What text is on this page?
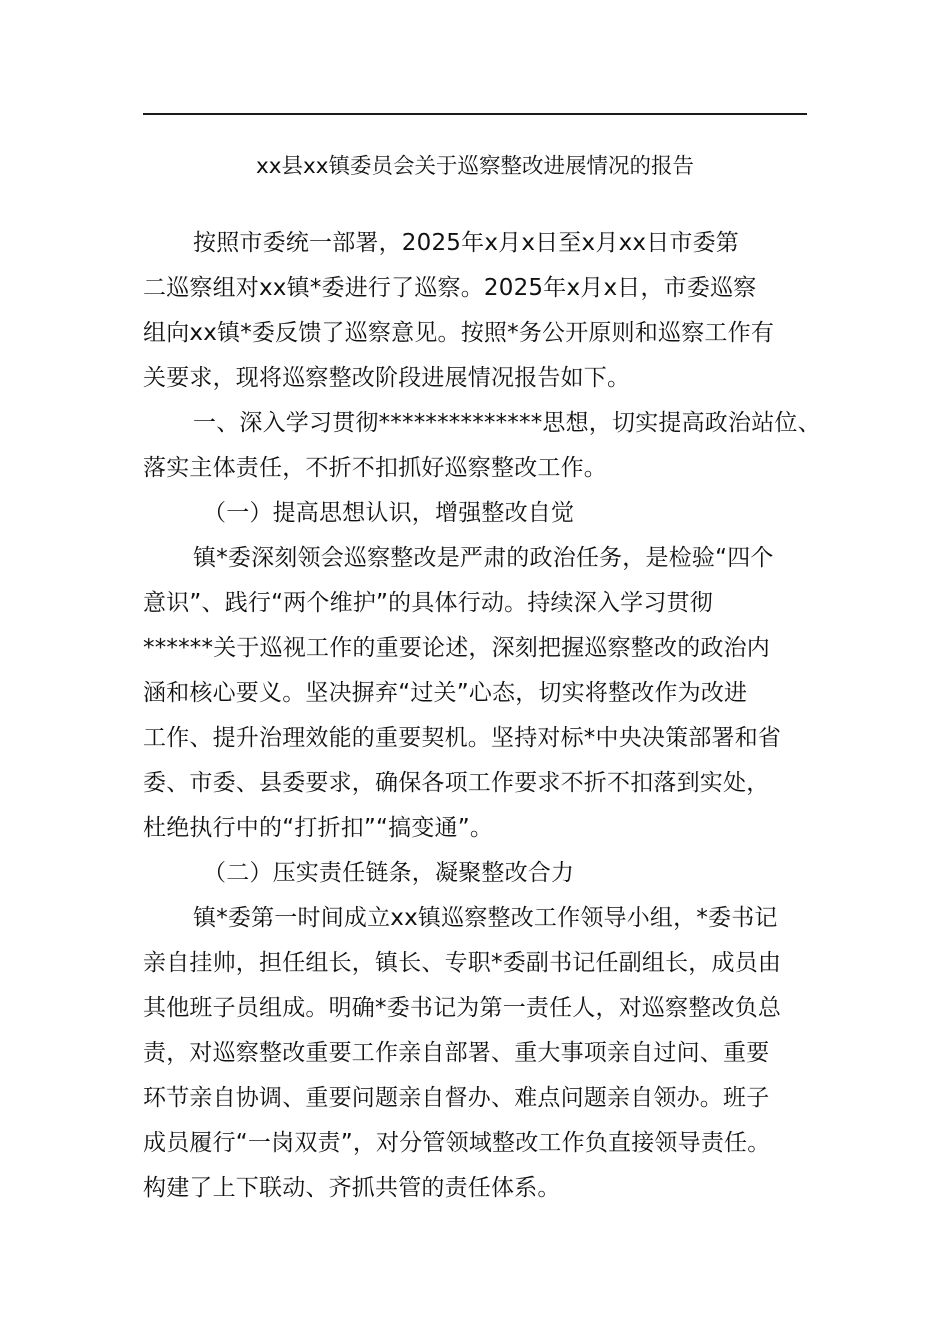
xx县xx镇委员会关于巡察整改进展情况的报告
按照市委统一部署，2025年x月x日至x月xx日市委第
二巡察组对xx镇*委进行了巡察。2025年x月x日，市委巡察
组向xx镇*委反馈了巡察意见。按照*务公开原则和巡察工作有
关要求，现将巡察整改阶段进展情况报告如下。
一、深入学习贯彻**************思想，切实提高政治站位、
落实主体责任，不折不扣抓好巡察整改工作。
（一）提高思想认识，增强整改自觉
镇*委深刻领会巡察整改是严肃的政治任务，是检验“四个
意识”、践行“两个维护”的具体行动。持续深入学习贯彻
******关于巡视工作的重要论述，深刻把握巡察整改的政治内
涵和核心要义。坚决摒弃“过关”心态，切实将整改作为改进
工作、提升治理效能的重要契机。坚持对标*中央决策部署和省
委、市委、县委要求，确保各项工作要求不折不扣落到实处，
杜绝执行中的“打折扣”“搞变通”。
（二）压实责任链条，凝聚整改合力
镇*委第一时间成立xx镇巡察整改工作领导小组，*委书记
亲自挂帅，担任组长，镇长、专职*委副书记任副组长，成员由
其他班子员组成。明确*委书记为第一责任人，对巡察整改负总
责，对巡察整改重要工作亲自部署、重大事项亲自过问、重要
环节亲自协调、重要问题亲自督办、难点问题亲自领办。班子
成员履行“一岗双责”，对分管领域整改工作负直接领导责任。
构建了上下联动、齐抓共管的责任体系。
